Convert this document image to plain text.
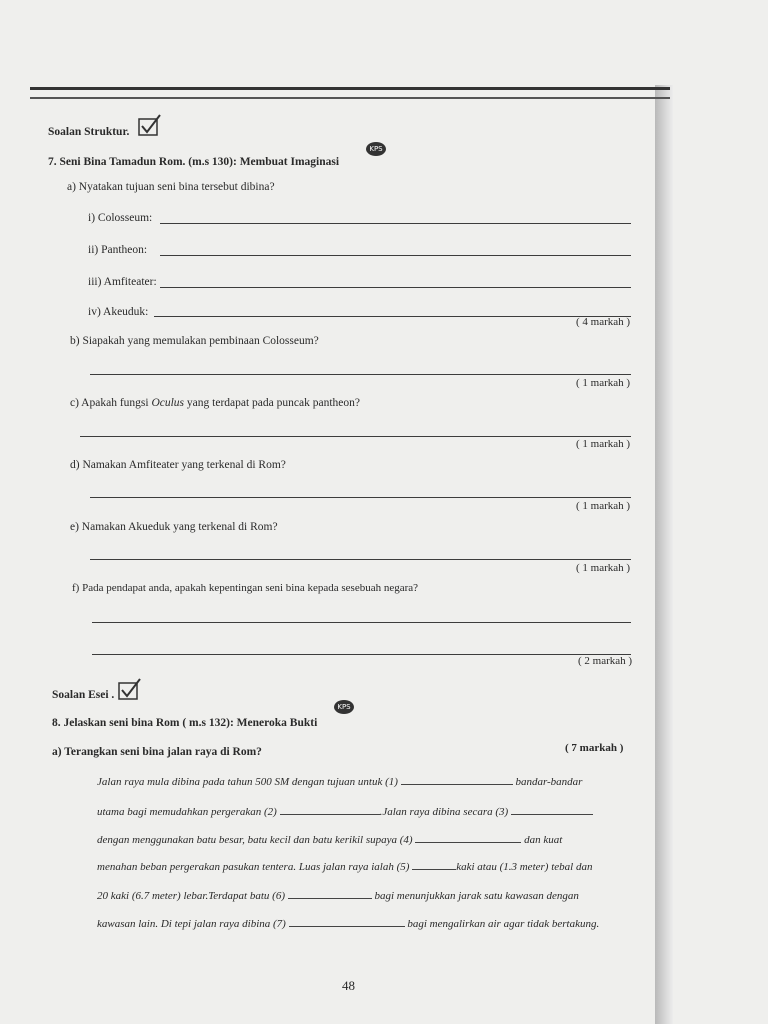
Soalan Struktur.
7. Seni Bina Tamadun Rom. (m.s 130): Membuat Imaginasi
KPS
a) Nyatakan tujuan seni bina tersebut dibina?
i) Colosseum:
ii) Pantheon:
iii) Amfiteater:
iv) Akeuduk:
( 4 markah )
b) Siapakah yang memulakan pembinaan Colosseum?
( 1 markah )
c) Apakah fungsi Oculus yang terdapat pada puncak pantheon?
( 1 markah )
d) Namakan Amfiteater yang terkenal di Rom?
( 1 markah )
e) Namakan Akueduk yang terkenal di Rom?
( 1 markah )
f) Pada pendapat anda, apakah kepentingan seni bina kepada sesebuah negara?
( 2 markah )
Soalan Esei .
8. Jelaskan seni bina Rom ( m.s 132): Meneroka Bukti
KPS
a) Terangkan seni bina jalan raya di Rom?	( 7 markah )
Jalan raya mula dibina pada tahun 500 SM dengan tujuan untuk (1)	bandar-bandar
utama bagi memudahkan pergerakan (2)	.Jalan raya dibina secara (3)
dengan menggunakan batu besar, batu kecil dan batu kerikil supaya (4)	dan kuat
menahan beban pergerakan pasukan tentera. Luas jalan raya ialah (5)	kaki atau (1.3 meter) tebal dan
20 kaki (6.7 meter) lebar.Terdapat batu (6)	bagi menunjukkan jarak satu kawasan dengan
kawasan lain. Di tepi jalan raya dibina (7)	bagi mengalirkan air agar tidak bertakung.
48
